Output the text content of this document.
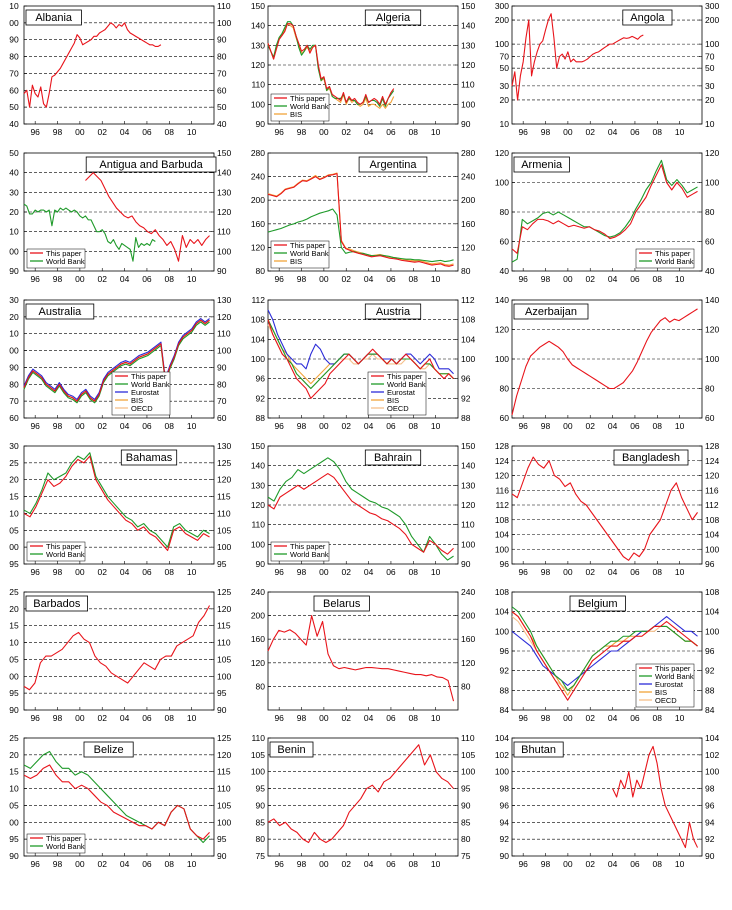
40
50
60
70
80
90
00
10
40
50
60
70
80
90
100
110
96 98 00 02 04 06 08 10
Albania
90
100
110
120
130
140
150
90
100
110
120
130
140
150
96 98 00 02 04 06 08 10
Algeria
This paper
World Bank
BIS
10
20
30
50
70
100
200
300
10
20
30
50
70
100
200
300
96 98 00 02 04 06 08 10
Angola
90
00
10
20
30
40
50
90
100
110
120
130
140
150
96 98 00 02 04 06 08 10
Antigua and Barbuda
This paper
World Bank
80
120
160
200
240
280
80
120
160
200
240
280
96 98 00 02 04 06 08 10
Argentina
This paper
World Bank
BIS
40
60
80
100
120
40
60
80
100
120
96 98 00 02 04 06 08 10
Armenia
This paper
World Bank
60
70
80
90
00
10
20
30
60
70
80
90
100
110
120
130
96 98 00 02 04 06 08 10
Australia
This paper
World Bank
Eurostat
BIS
OECD
88
92
96
100
104
108
112
88
92
96
100
104
108
112
96 98 00 02 04 06 08 10
Austria
This paper
World Bank
Eurostat
BIS
OECD
60
80
100
120
140
60
80
100
120
140
96 98 00 02 04 06 08 10
Azerbaijan
95
00
05
10
15
20
25
30
95
100
105
110
115
120
125
130
96 98 00 02 04 06 08 10
Bahamas
This paper
World Bank
90
100
110
120
130
140
150
90
100
110
120
130
140
150
96 98 00 02 04 06 08 10
Bahrain
This paper
World Bank
96
100
104
108
112
116
120
124
128
96
100
104
108
112
116
120
124
128
96 98 00 02 04 06 08 10
Bangladesh
90
95
00
05
10
15
20
25
90
95
100
105
110
115
120
125
96 98 00 02 04 06 08 10
Barbados
80
120
160
200
240
80
120
160
200
240
96 98 00 02 04 06 08 10
Belarus
84
88
92
96
100
104
108
84
88
92
96
100
104
108
96 98 00 02 04 06 08 10
Belgium
This paper
World Bank
Eurostat
BIS
OECD
90
95
00
05
10
15
20
25
90
95
100
105
110
115
120
125
96 98 00 02 04 06 08 10
Belize
This paper
World Bank
75
80
85
90
95
100
105
110
75
80
85
90
95
100
105
110
96 98 00 02 04 06 08 10
Benin
90
92
94
96
98
100
102
104
90
92
94
96
98
100
102
104
96 98 00 02 04 06 08 10
Bhutan
